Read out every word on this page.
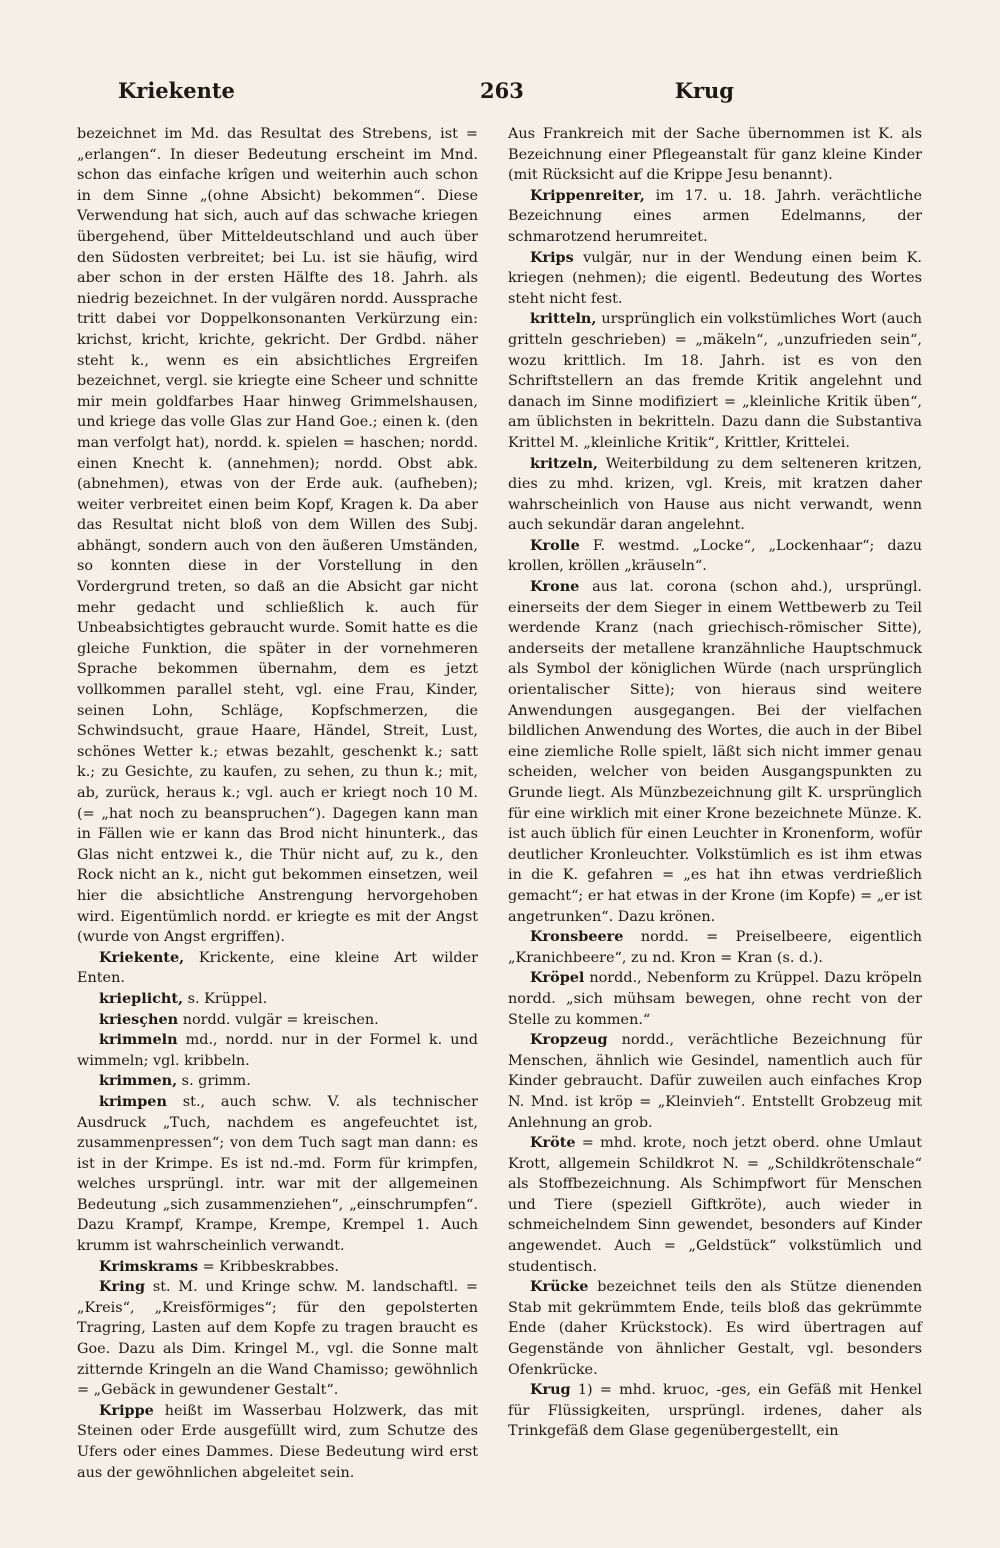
Kriekente	263	Krug

bezeichnet im Md. das Resultat des Strebens, ist = „erlangen“. In dieser Bedeutung erscheint im Mnd. schon das einfache krîgen und weiterhin auch schon in dem Sinne „(ohne Absicht) bekommen“. Diese Verwendung hat sich, auch auf das schwache kriegen übergehend, über Mitteldeutschland und auch über den Südosten verbreitet; bei Lu. ist sie häufig, wird aber schon in der ersten Hälfte des 18. Jahrh. als niedrig bezeichnet. In der vulgären nordd. Aussprache tritt dabei vor Doppelkonsonanten Verkürzung ein: krichst, kricht, krichte, gekricht. Der Grdbd. näher steht k., wenn es ein absichtliches Ergreifen bezeichnet, vergl. sie kriegte eine Scheer und schnitte mir mein goldfarbes Haar hinweg Grimmelshausen, und kriege das volle Glas zur Hand Goe.; einen k. (den man verfolgt hat), nordd. k. spielen = haschen; nordd. einen Knecht k. (annehmen); nordd. Obst abk. (abnehmen), etwas von der Erde auk. (aufheben); weiter verbreitet einen beim Kopf, Kragen k. Da aber das Resultat nicht bloß von dem Willen des Subj. abhängt, sondern auch von den äußeren Umständen, so konnten diese in der Vorstellung in den Vordergrund treten, so daß an die Absicht gar nicht mehr gedacht und schließlich k. auch für Unbeabsichtigtes gebraucht wurde. Somit hatte es die gleiche Funktion, die später in der vornehmeren Sprache bekommen übernahm, dem es jetzt vollkommen parallel steht, vgl. eine Frau, Kinder, seinen Lohn, Schläge, Kopfschmerzen, die Schwindsucht, graue Haare, Händel, Streit, Lust, schönes Wetter k.; etwas bezahlt, geschenkt k.; satt k.; zu Gesichte, zu kaufen, zu sehen, zu thun k.; mit, ab, zurück, heraus k.; vgl. auch er kriegt noch 10 M. (= „hat noch zu beanspruchen“). Dagegen kann man in Fällen wie er kann das Brod nicht hinunterk., das Glas nicht entzwei k., die Thür nicht auf, zu k., den Rock nicht an k., nicht gut bekommen einsetzen, weil hier die absichtliche Anstrengung hervorgehoben wird. Eigentümlich nordd. er kriegte es mit der Angst (wurde von Angst ergriffen).

Kriekente, Krickente, eine kleine Art wilder Enten.

krieplicht, s. Krüppel.

kriesçhen nordd. vulgär = kreischen.

krimmeln md., nordd. nur in der Formel k. und wimmeln; vgl. kribbeln.

krimmen, s. grimm.

krimpen st., auch schw. V. als technischer Ausdruck „Tuch, nachdem es angefeuchtet ist, zusammenpressen“; von dem Tuch sagt man dann: es ist in der Krimpe. Es ist nd.-md. Form für krimpfen, welches ursprüngl. intr. war mit der allgemeinen Bedeutung „sich zusammenziehen“, „einschrumpfen“. Dazu Krampf, Krampe, Krempe, Krempel 1. Auch krumm ist wahrscheinlich verwandt.

Krimskrams = Kribbeskrabbes.

Kring st. M. und Kringe schw. M. landschaftl. = „Kreis“, „Kreisförmiges“; für den gepolsterten Tragring, Lasten auf dem Kopfe zu tragen braucht es Goe. Dazu als Dim. Kringel M., vgl. die Sonne malt zitternde Kringeln an die Wand Chamisso; gewöhnlich = „Gebäck in gewundener Gestalt“.

Krippe heißt im Wasserbau Holzwerk, das mit Steinen oder Erde ausgefüllt wird, zum Schutze des Ufers oder eines Dammes. Diese Bedeutung wird erst aus der gewöhnlichen abgeleitet sein.

Aus Frankreich mit der Sache übernommen ist K. als Bezeichnung einer Pflegeanstalt für ganz kleine Kinder (mit Rücksicht auf die Krippe Jesu benannt).

Krippenreiter, im 17. u. 18. Jahrh. verächtliche Bezeichnung eines armen Edelmanns, der schmarotzend herumreitet.

Krips vulgär, nur in der Wendung einen beim K. kriegen (nehmen); die eigentl. Bedeutung des Wortes steht nicht fest.

kritteln, ursprünglich ein volkstümliches Wort (auch gritteln geschrieben) = „mäkeln“, „unzufrieden sein“, wozu krittlich. Im 18. Jahrh. ist es von den Schriftstellern an das fremde Kritik angelehnt und danach im Sinne modifiziert = „kleinliche Kritik üben“, am üblichsten in bekritteln. Dazu dann die Substantiva Krittel M. „kleinliche Kritik“, Krittler, Krittelei.

kritzeln, Weiterbildung zu dem selteneren kritzen, dies zu mhd. krizen, vgl. Kreis, mit kratzen daher wahrscheinlich von Hause aus nicht verwandt, wenn auch sekundär daran angelehnt.

Krolle F. westmd. „Locke“, „Lockenhaar“; dazu krollen, kröllen „kräuseln“.

Krone aus lat. corona (schon ahd.), ursprüngl. einerseits der dem Sieger in einem Wettbewerb zu Teil werdende Kranz (nach griechisch-römischer Sitte), anderseits der metallene kranzähnliche Hauptschmuck als Symbol der königlichen Würde (nach ursprünglich orientalischer Sitte); von hieraus sind weitere Anwendungen ausgegangen. Bei der vielfachen bildlichen Anwendung des Wortes, die auch in der Bibel eine ziemliche Rolle spielt, läßt sich nicht immer genau scheiden, welcher von beiden Ausgangspunkten zu Grunde liegt. Als Münzbezeichnung gilt K. ursprünglich für eine wirklich mit einer Krone bezeichnete Münze. K. ist auch üblich für einen Leuchter in Kronenform, wofür deutlicher Kronleuchter. Volkstümlich es ist ihm etwas in die K. gefahren = „es hat ihn etwas verdrießlich gemacht“; er hat etwas in der Krone (im Kopfe) = „er ist angetrunken“. Dazu krönen.

Kronsbeere nordd. = Preiselbeere, eigentlich „Kranichbeere“, zu nd. Kron = Kran (s. d.).

Kröpel nordd., Nebenform zu Krüppel. Dazu kröpeln nordd. „sich mühsam bewegen, ohne recht von der Stelle zu kommen.“

Kropzeug nordd., verächtliche Bezeichnung für Menschen, ähnlich wie Gesindel, namentlich auch für Kinder gebraucht. Dafür zuweilen auch einfaches Krop N. Mnd. ist kröp = „Kleinvieh“. Entstellt Grobzeug mit Anlehnung an grob.

Kröte = mhd. krote, noch jetzt oberd. ohne Umlaut Krott, allgemein Schildkrot N. = „Schildkrötenschale“ als Stoffbezeichnung. Als Schimpfwort für Menschen und Tiere (speziell Giftkröte), auch wieder in schmeichelndem Sinn gewendet, besonders auf Kinder angewendet. Auch = „Geldstück“ volkstümlich und studentisch.

Krücke bezeichnet teils den als Stütze dienenden Stab mit gekrümmtem Ende, teils bloß das gekrümmte Ende (daher Krückstock). Es wird übertragen auf Gegenstände von ähnlicher Gestalt, vgl. besonders Ofenkrücke.

Krug 1) = mhd. kruoc, -ges, ein Gefäß mit Henkel für Flüssigkeiten, ursprüngl. irdenes, daher als Trinkgefäß dem Glase gegenübergestellt, ein
